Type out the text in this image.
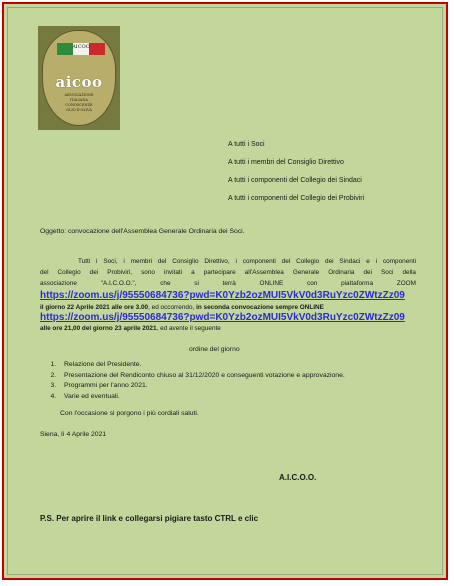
AICOO
aicoo
ASSOCIAZIONE
ITALIANA
CONOSCENZE
OLIO D'OLIVA
A tutti i Soci
A tutti i membri del Consiglio Direttivo
A tutti i componenti del Collegio dei Sindaci
A tutti i componenti del Collegio dei Probiviri
Oggetto: convocazione dell'Assemblea Generale Ordinaria dei Soci.
Tutti i Soci, i membri del Consiglio Direttivo, i componenti del Collegio dei Sindaci e i componenti
del Collegio dei Probiviri, sono invitati a partecipare all'Assemblea Generale Ordinaria dei Soci della
associazione	"A.I.C.O.O.",	che	si	terrà	ONLINE	con	piattaforma	ZOOM
https://zoom.us/j/95550684736?pwd=K0Yzb2ozMUI5VkV0d3RuYzc0ZWtzZz09
il giorno 22 Aprile 2021 alle ore 3.00, ed occorrendo, in seconda convocazione sempre ONLINE
https://zoom.us/j/95550684736?pwd=K0Yzb2ozMUI5VkV0d3RuYzc0ZWtzZz09
alle ore 21,00 del giorno 23 aprile 2021, ed avente il seguente
ordine del giorno
1. Relazione del Presidente.
2. Presentazione del Rendiconto chiuso al 31/12/2020 e conseguenti votazione e approvazione.
3. Programmi per l'anno 2021.
4. Varie ed eventuali.
Con l'occasione si porgono i più cordiali saluti.
Siena, lì 4 Aprile 2021
A.I.C.O.O.
P.S. Per aprire il link e collegarsi pigiare tasto CTRL e clic
